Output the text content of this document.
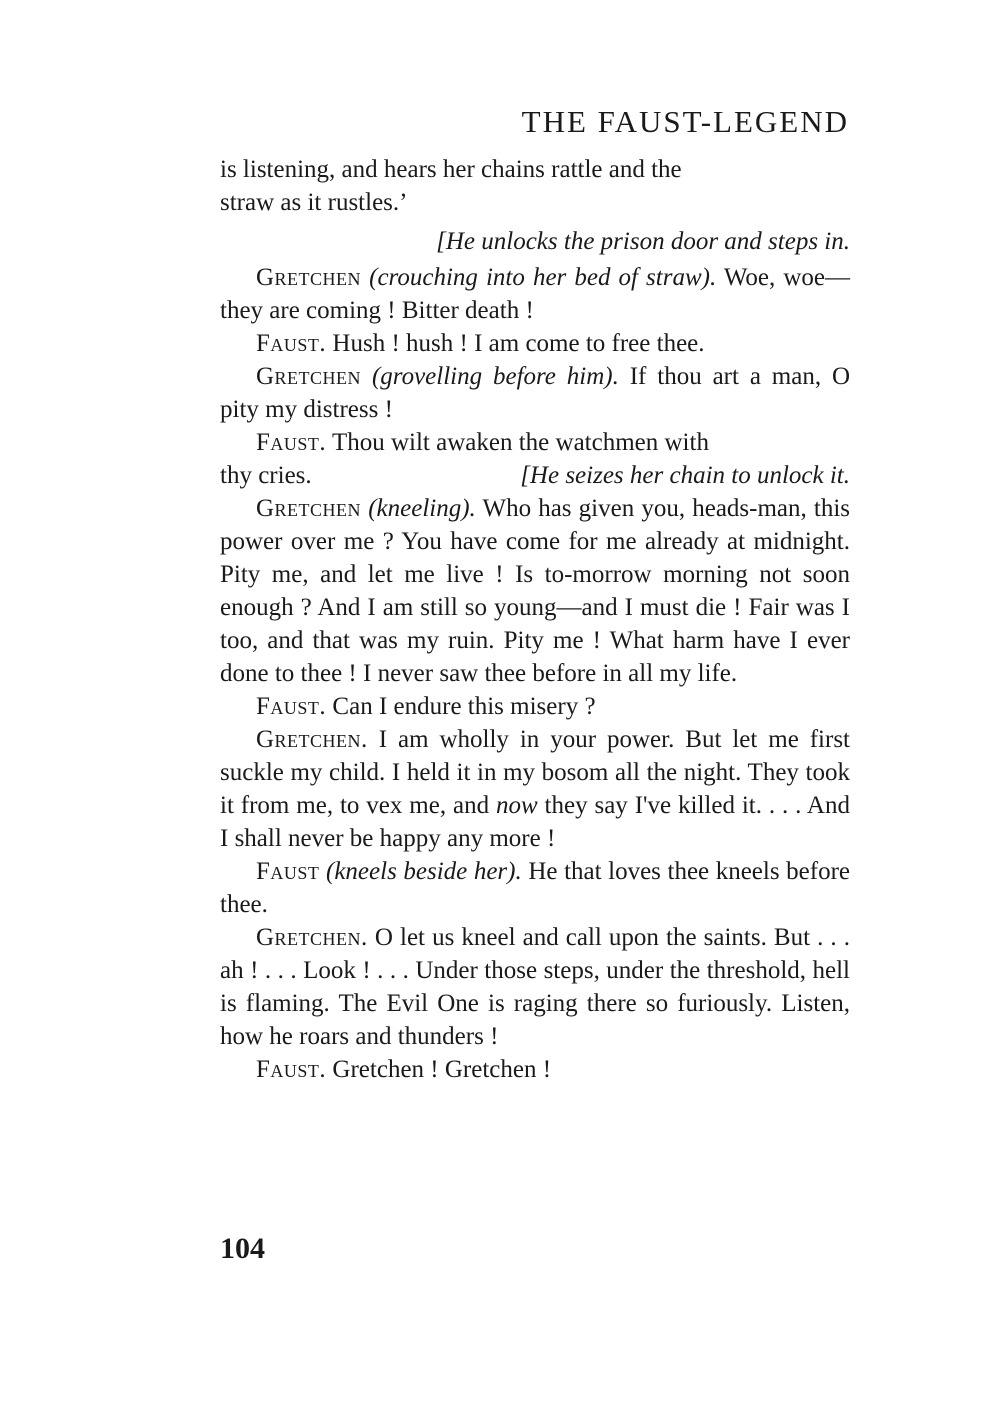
THE FAUST-LEGEND

is listening, and hears her chains rattle and the
straw as it rustles.’

[He unlocks the prison door and steps in.

Gretchen (crouching into her bed of straw). Woe, woe—they are coming ! Bitter death !

Faust. Hush ! hush ! I am come to free thee.

Gretchen (grovelling before him). If thou art a man, O pity my distress !

Faust. Thou wilt awaken the watchmen with

thy cries.	[He seizes her chain to unlock it.

Gretchen (kneeling). Who has given you, heads-man, this power over me ? You have come for me already at midnight. Pity me, and let me live ! Is to-morrow morning not soon enough ? And I am still so young—and I must die ! Fair was I too, and that was my ruin. Pity me ! What harm have I ever done to thee ! I never saw thee before in all my life.

Faust. Can I endure this misery ?

Gretchen. I am wholly in your power. But let me first suckle my child. I held it in my bosom all the night. They took it from me, to vex me, and now they say I've killed it. . . . And I shall never be happy any more !

Faust (kneels beside her). He that loves thee kneels before thee.

Gretchen. O let us kneel and call upon the saints. But . . . ah ! . . . Look ! . . . Under those steps, under the threshold, hell is flaming. The Evil One is raging there so furiously. Listen, how he roars and thunders !

Faust. Gretchen ! Gretchen !

104
